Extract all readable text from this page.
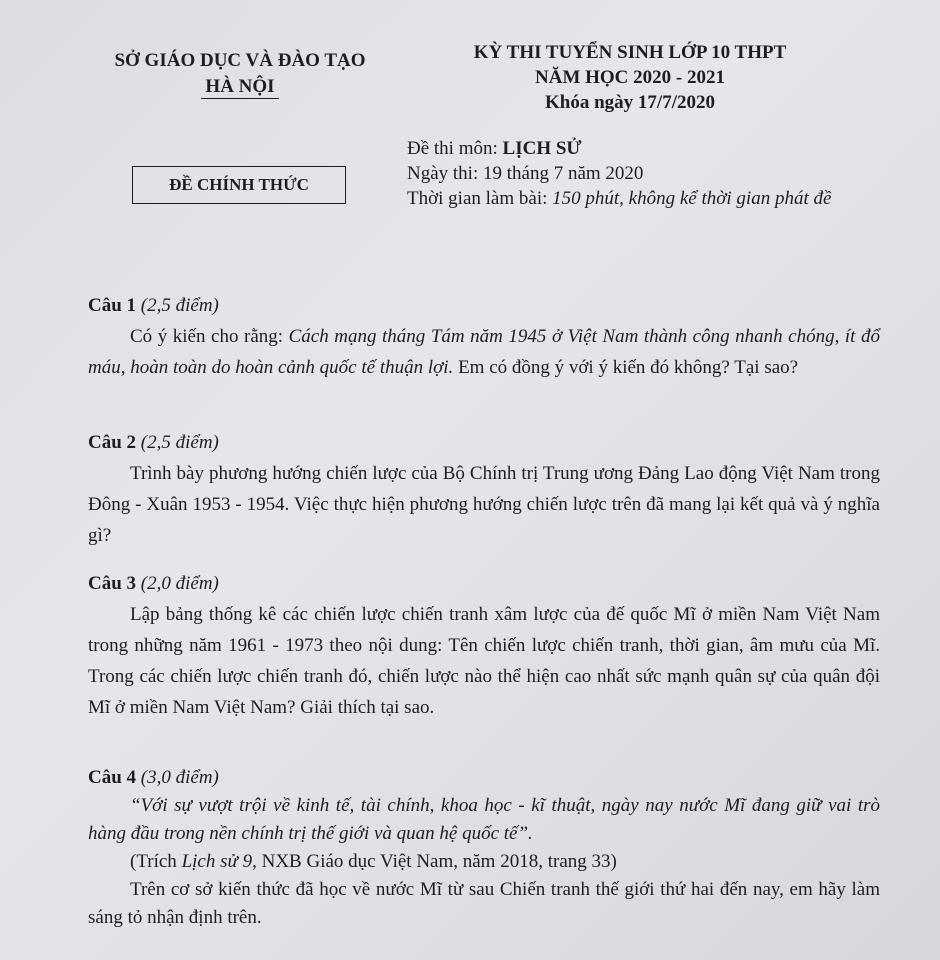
SỞ GIÁO DỤC VÀ ĐÀO TẠO
HÀ NỘI
KỲ THI TUYỂN SINH LỚP 10 THPT
NĂM HỌC 2020 - 2021
Khóa ngày 17/7/2020
ĐỀ CHÍNH THỨC
Đề thi môn: LỊCH SỬ
Ngày thi: 19 tháng 7 năm 2020
Thời gian làm bài: 150 phút, không kể thời gian phát đề
Câu 1 (2,5 điểm)

Có ý kiến cho rằng: Cách mạng tháng Tám năm 1945 ở Việt Nam thành công nhanh chóng, ít đổ máu, hoàn toàn do hoàn cảnh quốc tế thuận lợi. Em có đồng ý với ý kiến đó không? Tại sao?

Câu 2 (2,5 điểm)

Trình bày phương hướng chiến lược của Bộ Chính trị Trung ương Đảng Lao động Việt Nam trong Đông - Xuân 1953 - 1954. Việc thực hiện phương hướng chiến lược trên đã mang lại kết quả và ý nghĩa gì?

Câu 3 (2,0 điểm)

Lập bảng thống kê các chiến lược chiến tranh xâm lược của đế quốc Mĩ ở miền Nam Việt Nam trong những năm 1961 - 1973 theo nội dung: Tên chiến lược chiến tranh, thời gian, âm mưu của Mĩ. Trong các chiến lược chiến tranh đó, chiến lược nào thể hiện cao nhất sức mạnh quân sự của quân đội Mĩ ở miền Nam Việt Nam? Giải thích tại sao.

Câu 4 (3,0 điểm)

“Với sự vượt trội về kinh tế, tài chính, khoa học - kĩ thuật, ngày nay nước Mĩ đang giữ vai trò hàng đầu trong nền chính trị thế giới và quan hệ quốc tế”.

(Trích Lịch sử 9, NXB Giáo dục Việt Nam, năm 2018, trang 33)

Trên cơ sở kiến thức đã học về nước Mĩ từ sau Chiến tranh thế giới thứ hai đến nay, em hãy làm sáng tỏ nhận định trên.
